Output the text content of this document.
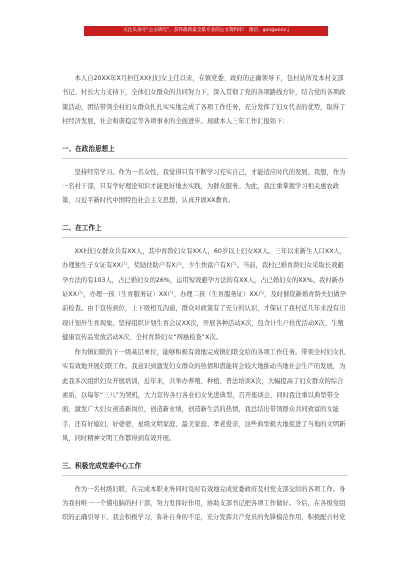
关注头条号“公文研究”，获得最新最全最专业的公文资料库！ 微信：gongwenz j

本人自20XX年X月担任XX村妇女主任以来，在镇党委、政府的正确领导下，包村站所及本村支部书记、村长大力支持下，全体妇女群众的共同努力下，深入贯彻了党的各项路线方针，结合党的各项政策活动，团结带领全村妇女群众扎扎实实地完成了各项工作任务，充分发挥了妇女代表的优势，取得了村经济发展，社会和谐稳定等各项事业的全面进步。现就本人三年工作汇报如下：

一、在政治思想上

坚持经常学习。作为一名女性，我觉得只有不断学习充实自己，才能适应时代的发展。我想，作为一名村干部，只有学好理论知识才能更好地去实践，为群众服务。为此，我注重掌握学习相关惠农政策、习近平新时代中国特色社会主义思想，认真开展XX教育。

二、在工作上

XX村妇女群众共有XX人，其中育龄妇女有XX人，60岁以上妇女XX人。三年以来新生人口XX人，办理独生子女证有XX户，奖励扶助户有X户，少生快富户有X户。当前，我村已婚育龄妇女采取长效避孕方法的有103人，占已婚妇女的26%，运用短效避孕方法的有XX人，占已婚妇女的XX%。我村新办证XX户，办理一孩（生育服务证）XX户，办理二孩（生育服务证）XX户，及时催促新婚育龄夫妇做孕前检查。由于宣传到位，上下级相互沟通，群众对政策有了充分的认识，才保证了我村近几年来没有出现计划外生育现象。坚持组织计划生育会议XX次，开展各种活动X次，包含计生户扶优活动X次、生殖健康宣传品发放活动X次、全村育龄妇女“两癌检查”X次。

作为镇妇联的下一级基层单位，能够积极有效地完成镇妇联交给的各项工作任务。带领全村妇女扎实有效地开展妇联工作。我意识到激发妇女群众的热情和潜能将会较大地推动当地社会生产的发展，为此我多次组织妇女开展培训，近年来，共举办养殖、种植、普法培训X次，大幅提高了妇女群众的综合素质，以每年“三八”为契机，大力宣传各行各业妇女先进典型，召开座谈会，同时我注重以典型带全面，激发广大妇女创造新岗位，创造新业绩，创造新生活的热情，我总结出带领群众共同致富的女能手，还有好媳妇，好婆婆，星级文明家庭、最美家庭、孝老爱亲，这些典型极大地促进了当地的文明新风，同时精神文明工作都得到有效开展。

三、积极完成党委中心工作

作为一名村级妇联，在完成本职业务同时及时有效地完成党委政府及村党支部交给的各项工作。身为我村唯一一个懂电脑的村干部，努力发挥好作用，协助支部书记把各项工作做好。今后，在各级党组织的正确引导下，我会积极学习，弥补自身的不足，充分发挥共产党员的先锋模范作用，积极配合村党
